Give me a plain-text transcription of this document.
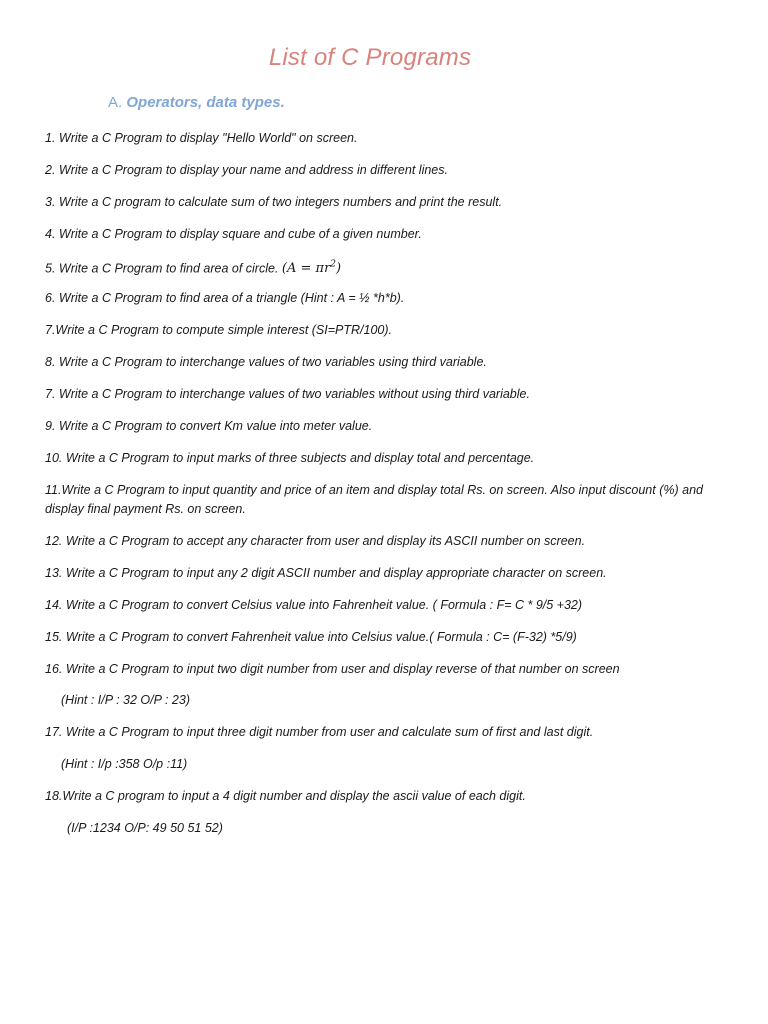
List of C Programs
A. Operators, data types.
1. Write a C Program to display "Hello World" on screen.
2. Write a C Program to display your name and address in different lines.
3. Write a C program to calculate sum of two integers numbers and print the result.
4. Write a C Program to display square and cube of a given number.
5. Write a C Program to find area of circle. $(A = \pi r^2)$
6. Write a C Program to find area of a triangle (Hint : A = ½ *h*b).
7.Write a C Program to compute simple interest (SI=PTR/100).
8. Write a C Program to interchange values of two variables using third variable.
7. Write a C Program to interchange values of two variables without using third variable.
9. Write a C Program to convert Km value into meter value.
10. Write a C Program to input marks of three subjects and display total and percentage.
11.Write a C Program to input quantity and price of an item and display total Rs. on screen. Also input discount (%) and display final payment Rs. on screen.
12. Write a C Program to accept any character from user and display its ASCII number on screen.
13. Write a C Program to input any 2 digit ASCII number and display appropriate character on screen.
14. Write a C Program to convert Celsius value into Fahrenheit value. ( Formula : F= C * 9/5 +32)
15. Write a C Program to convert Fahrenheit value into Celsius value.( Formula : C= (F-32) *5/9)
16. Write a C Program to input two digit number from user and display reverse of that number on screen
(Hint : I/P : 32 O/P : 23)
17. Write a C Program to input three digit number from user and calculate sum of first and last digit.
(Hint : I/p :358 O/p :11)
18.Write a C program to input a 4 digit number and display the ascii value of each digit.
(I/P :1234 O/P: 49 50 51 52)
